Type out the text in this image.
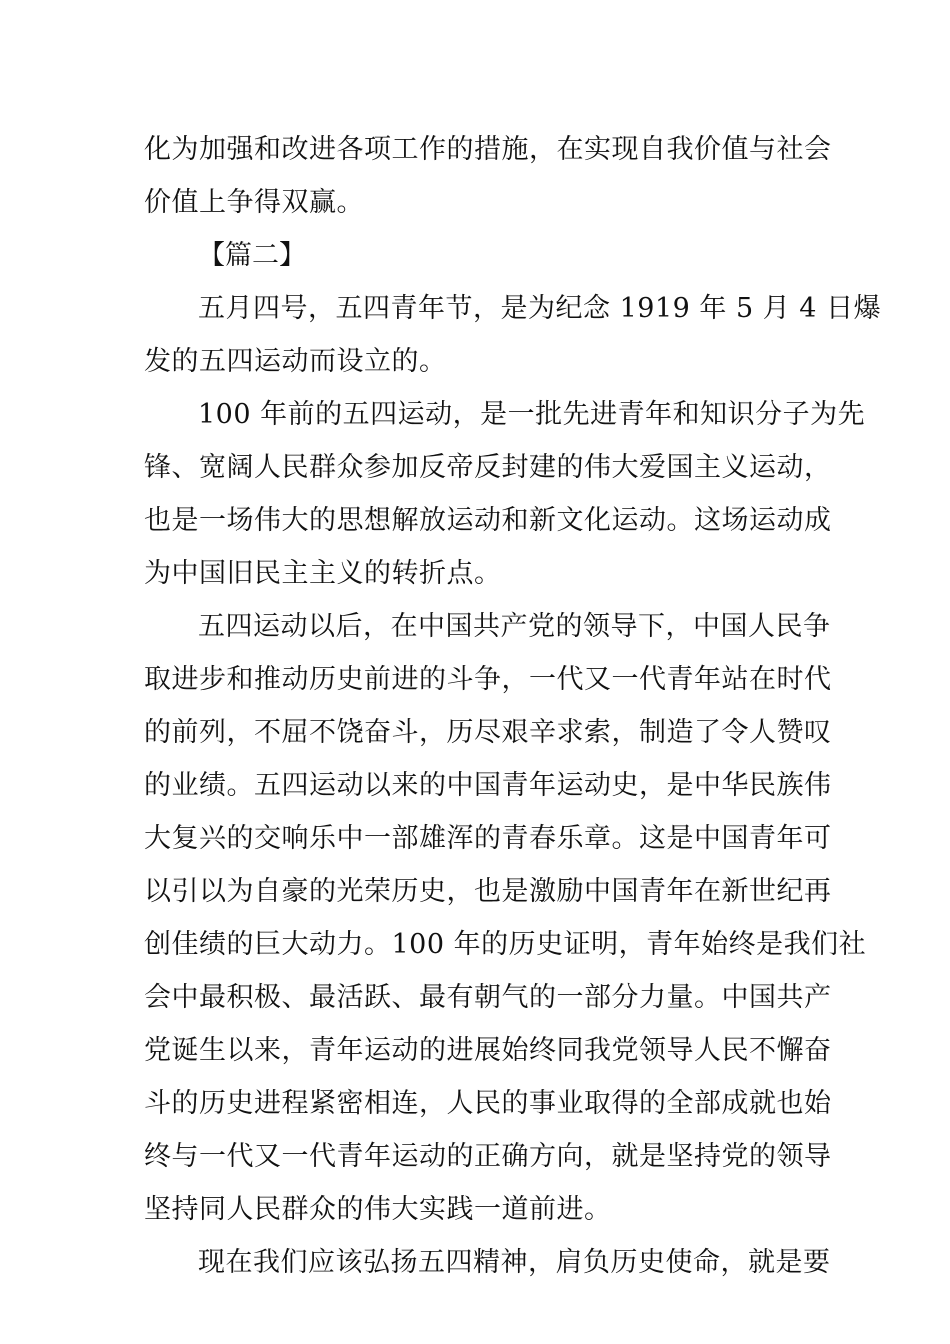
化为加强和改进各项工作的措施，在实现自我价值与社会
价值上争得双赢。
【篇二】
五月四号，五四青年节，是为纪念 1919 年 5 月 4 日爆
发的五四运动而设立的。
100 年前的五四运动，是一批先进青年和知识分子为先
锋、宽阔人民群众参加反帝反封建的伟大爱国主义运动，
也是一场伟大的思想解放运动和新文化运动。这场运动成
为中国旧民主主义的转折点。
五四运动以后，在中国共产党的领导下，中国人民争
取进步和推动历史前进的斗争，一代又一代青年站在时代
的前列，不屈不饶奋斗，历尽艰辛求索，制造了令人赞叹
的业绩。五四运动以来的中国青年运动史，是中华民族伟
大复兴的交响乐中一部雄浑的青春乐章。这是中国青年可
以引以为自豪的光荣历史，也是激励中国青年在新世纪再
创佳绩的巨大动力。100 年的历史证明，青年始终是我们社
会中最积极、最活跃、最有朝气的一部分力量。中国共产
党诞生以来，青年运动的进展始终同我党领导人民不懈奋
斗的历史进程紧密相连，人民的事业取得的全部成就也始
终与一代又一代青年运动的正确方向，就是坚持党的领导
坚持同人民群众的伟大实践一道前进。
现在我们应该弘扬五四精神，肩负历史使命，就是要
